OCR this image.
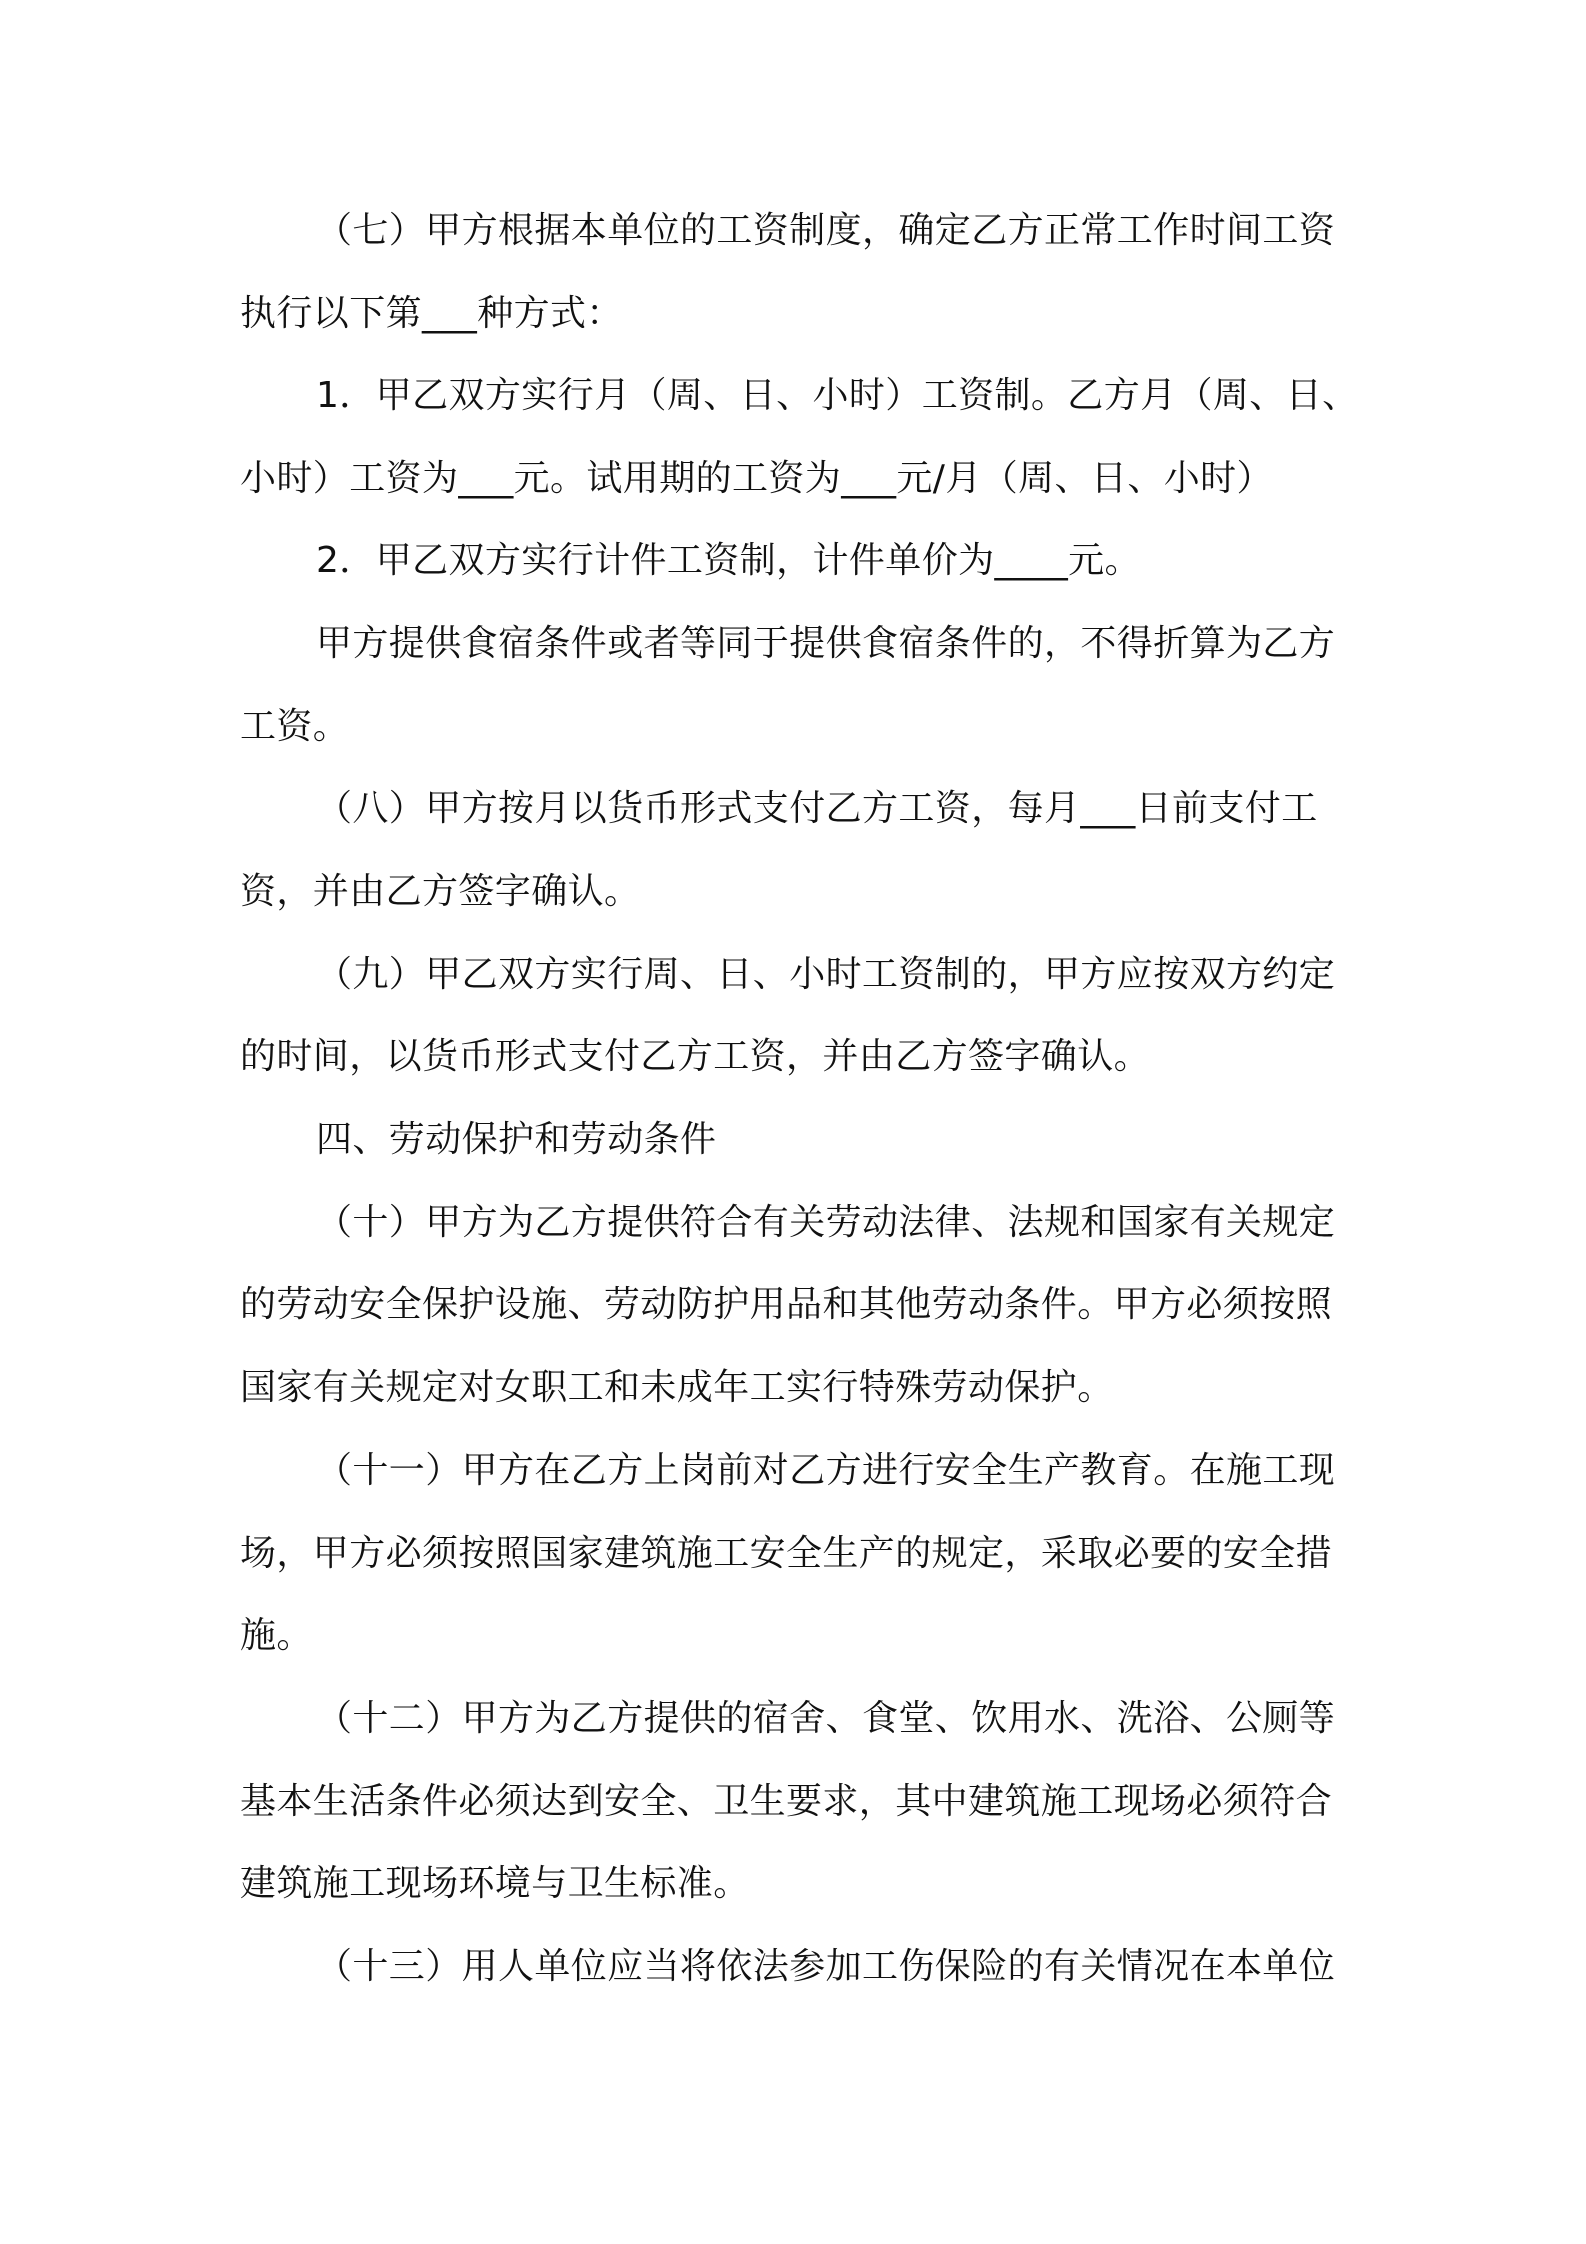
（七）甲方根据本单位的工资制度，确定乙方正常工作时间工资
执行以下第___种方式：
1．甲乙双方实行月（周、日、小时）工资制。乙方月（周、日、
小时）工资为___元。试用期的工资为___元/月（周、日、小时）
2．甲乙双方实行计件工资制，计件单价为____元。
甲方提供食宿条件或者等同于提供食宿条件的，不得折算为乙方
工资。
（八）甲方按月以货币形式支付乙方工资，每月___日前支付工
资，并由乙方签字确认。
（九）甲乙双方实行周、日、小时工资制的，甲方应按双方约定
的时间，以货币形式支付乙方工资，并由乙方签字确认。
四、劳动保护和劳动条件
（十）甲方为乙方提供符合有关劳动法律、法规和国家有关规定
的劳动安全保护设施、劳动防护用品和其他劳动条件。甲方必须按照
国家有关规定对女职工和未成年工实行特殊劳动保护。
（十一）甲方在乙方上岗前对乙方进行安全生产教育。在施工现
场，甲方必须按照国家建筑施工安全生产的规定，采取必要的安全措
施。
（十二）甲方为乙方提供的宿舍、食堂、饮用水、洗浴、公厕等
基本生活条件必须达到安全、卫生要求，其中建筑施工现场必须符合
建筑施工现场环境与卫生标准。
（十三）用人单位应当将依法参加工伤保险的有关情况在本单位
